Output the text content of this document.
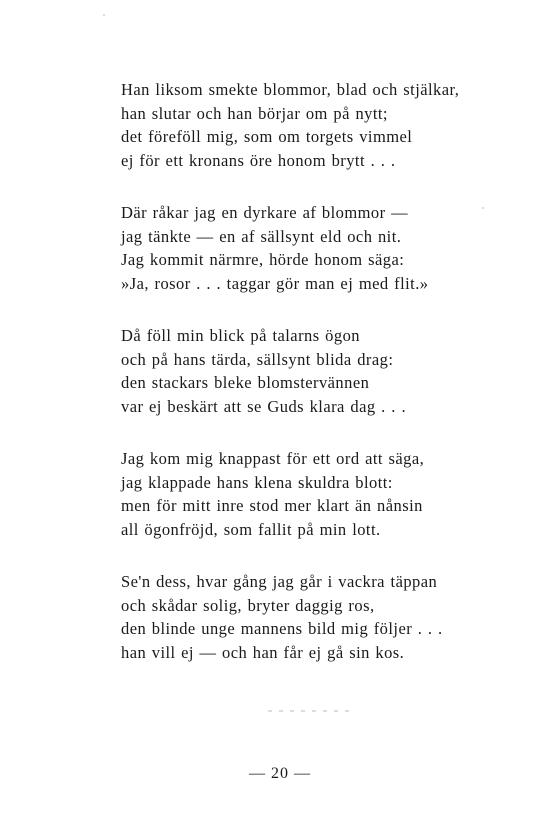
Han liksom smekte blommor, blad och stjälkar,
han slutar och han börjar om på nytt;
det föreföll mig, som om torgets vimmel
ej för ett kronans öre honom brytt . . .
Där råkar jag en dyrkare af blommor —
jag tänkte — en af sällsynt eld och nit.
Jag kommit närmre, hörde honom säga:
»Ja, rosor . . . taggar gör man ej med flit.»
Då föll min blick på talarns ögon
och på hans tärda, sällsynt blida drag:
den stackars bleke blomstervännen
var ej beskärt att se Guds klara dag . . .
Jag kom mig knappast för ett ord att säga,
jag klappade hans klena skuldra blott:
men för mitt inre stod mer klart än nånsin
all ögonfröjd, som fallit på min lott.
Se'n dess, hvar gång jag går i vackra täppan
och skådar solig, bryter daggig ros,
den blinde unge mannens bild mig följer . . .
han vill ej — och han får ej gå sin kos.
— 20 —
